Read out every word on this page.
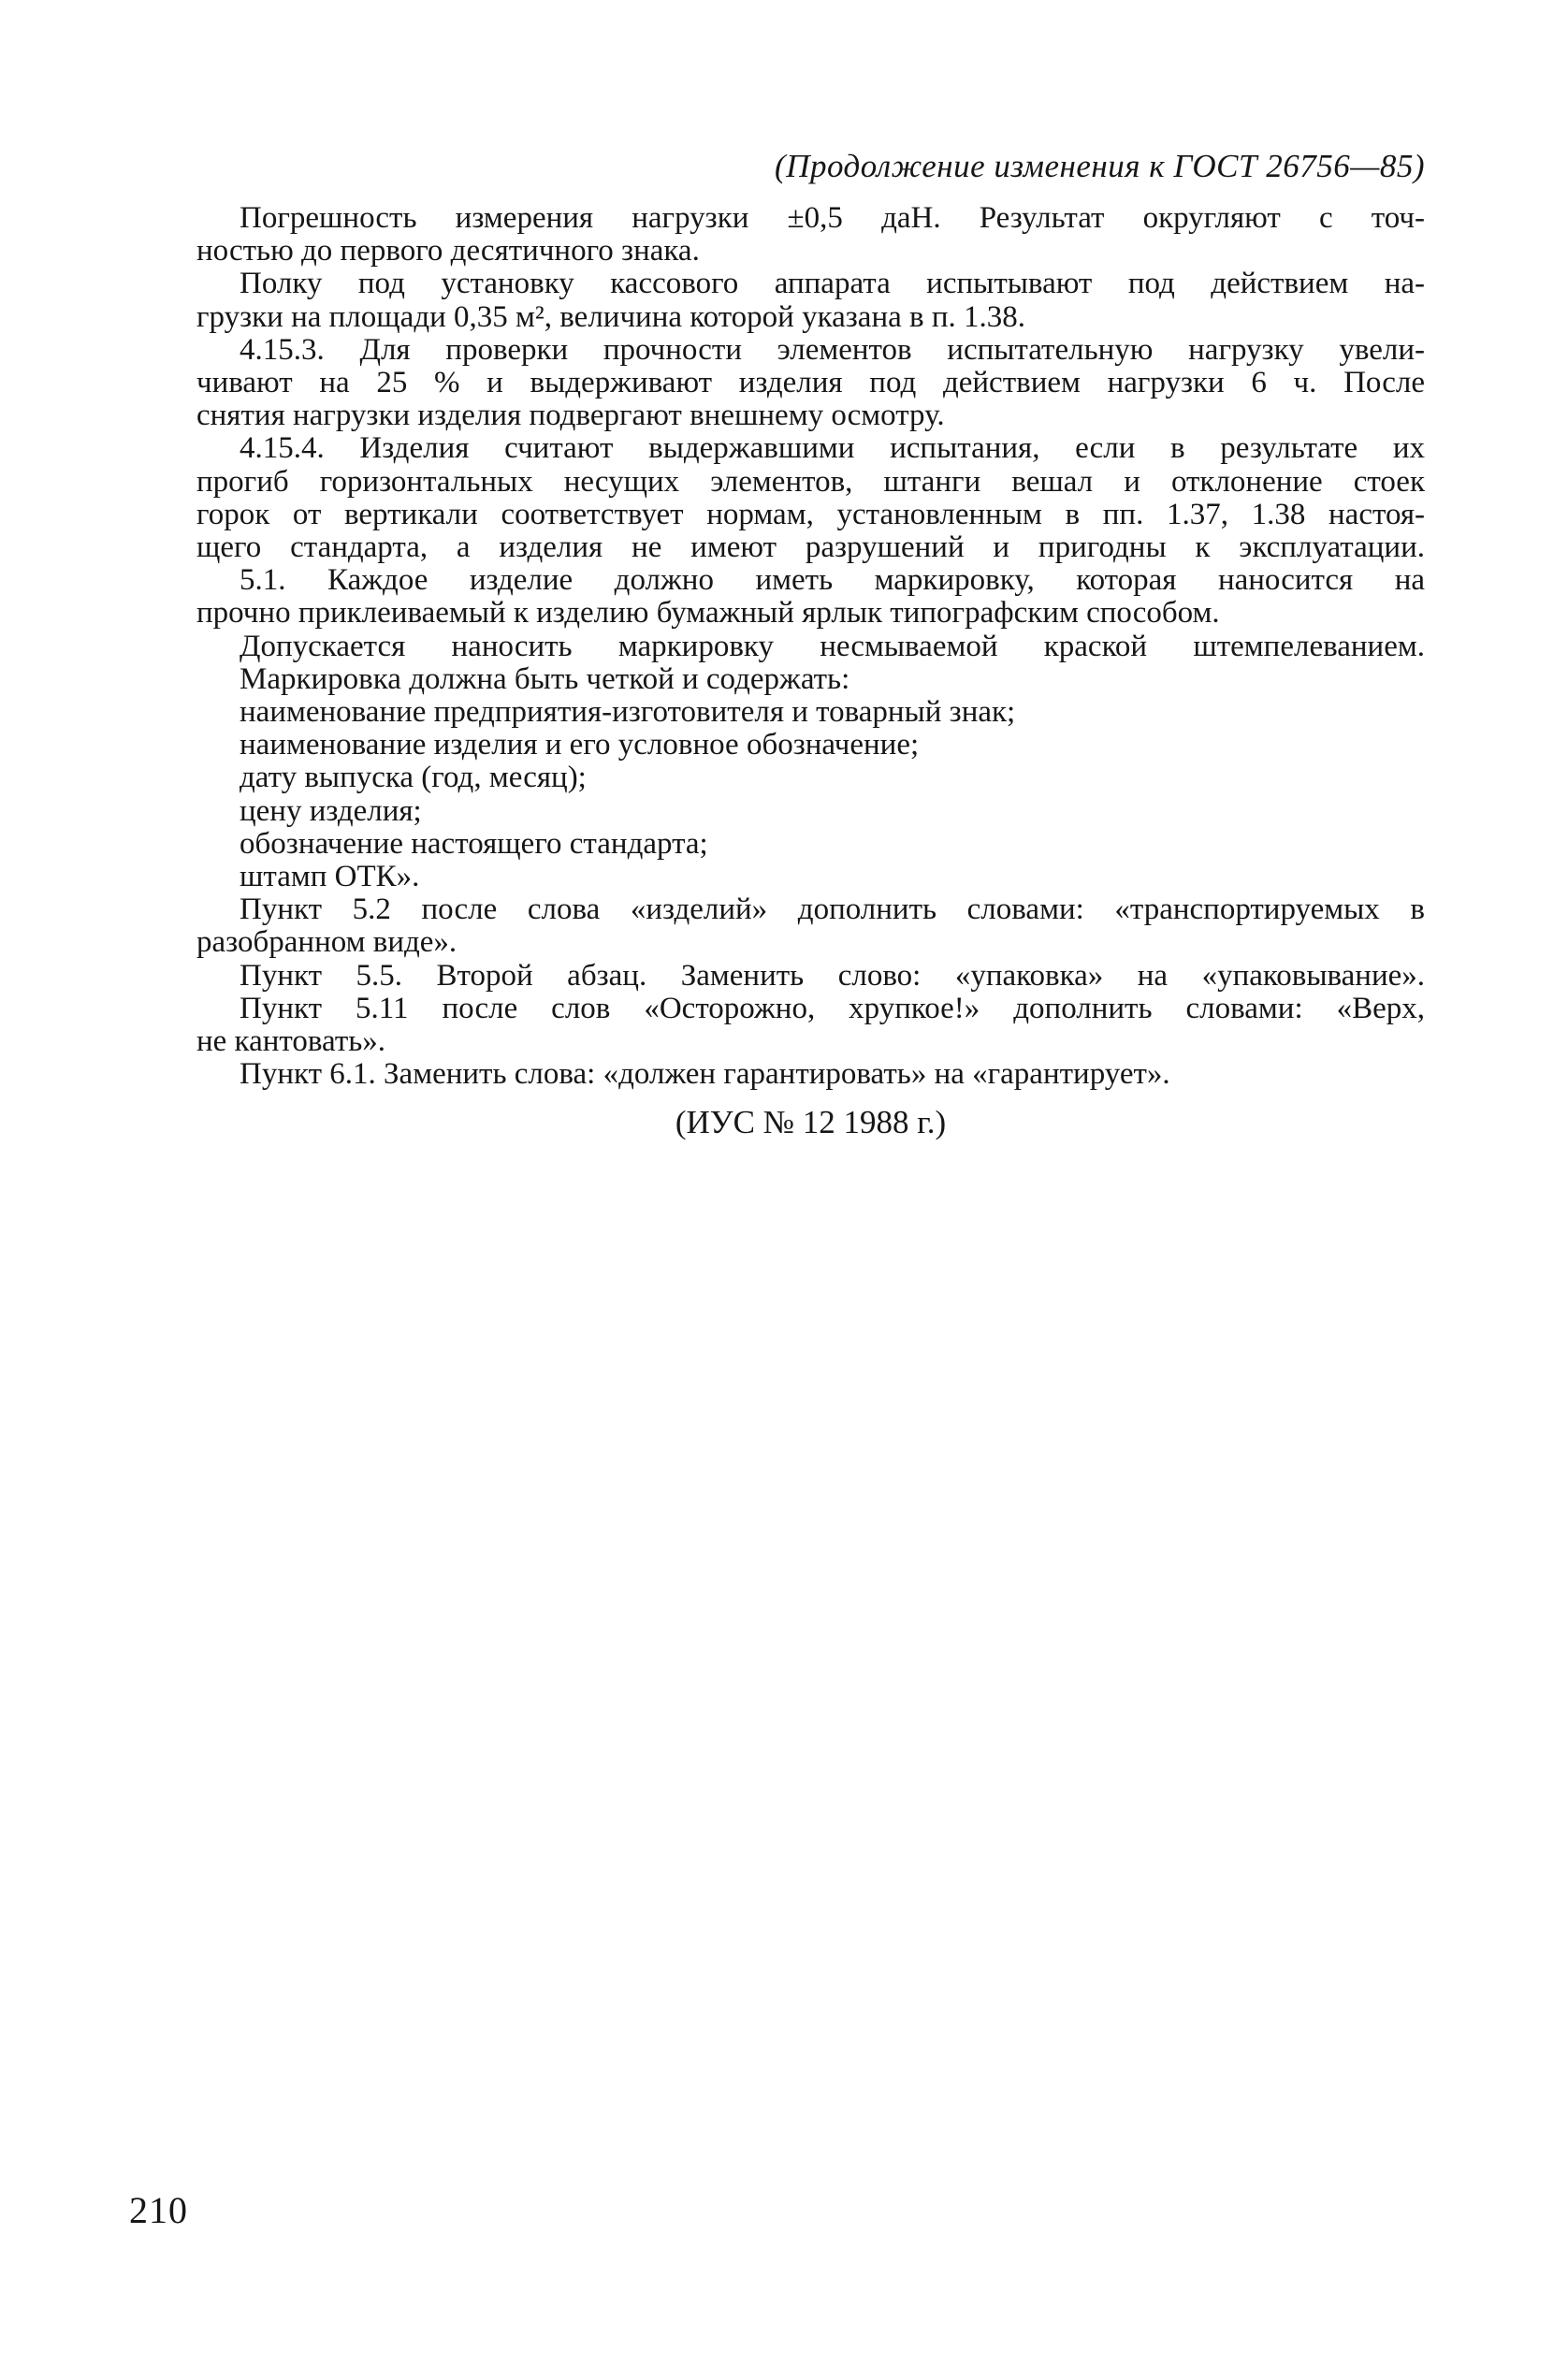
(Продолжение изменения к ГОСТ 26756—85)
Погрешность измерения нагрузки ±0,5 даН. Результат округляют с точ-
ностью до первого десятичного знака.
Полку под установку кассового аппарата испытывают под действием на-
грузки на площади 0,35 м², величина которой указана в п. 1.38.
4.15.3. Для проверки прочности элементов испытательную нагрузку увели-
чивают на 25 % и выдерживают изделия под действием нагрузки 6 ч. После
снятия нагрузки изделия подвергают внешнему осмотру.
4.15.4. Изделия считают выдержавшими испытания, если в результате их
прогиб горизонтальных несущих элементов, штанги вешал и отклонение стоек
горок от вертикали соответствует нормам, установленным в пп. 1.37, 1.38 настоя-
щего стандарта, а изделия не имеют разрушений и пригодны к эксплуатации.
5.1. Каждое изделие должно иметь маркировку, которая наносится на
прочно приклеиваемый к изделию бумажный ярлык типографским способом.
Допускается наносить маркировку несмываемой краской штемпелеванием.
Маркировка должна быть четкой и содержать:
наименование предприятия-изготовителя и товарный знак;
наименование изделия и его условное обозначение;
дату выпуска (год, месяц);
цену изделия;
обозначение настоящего стандарта;
штамп ОТК».
Пункт 5.2 после слова «изделий» дополнить словами: «транспортируемых в
разобранном виде».
Пункт 5.5. Второй абзац. Заменить слово: «упаковка» на «упаковывание».
Пункт 5.11 после слов «Осторожно, хрупкое!» дополнить словами: «Верх,
не кантовать».
Пункт 6.1. Заменить слова: «должен гарантировать» на «гарантирует».
(ИУС № 12 1988 г.)
210
